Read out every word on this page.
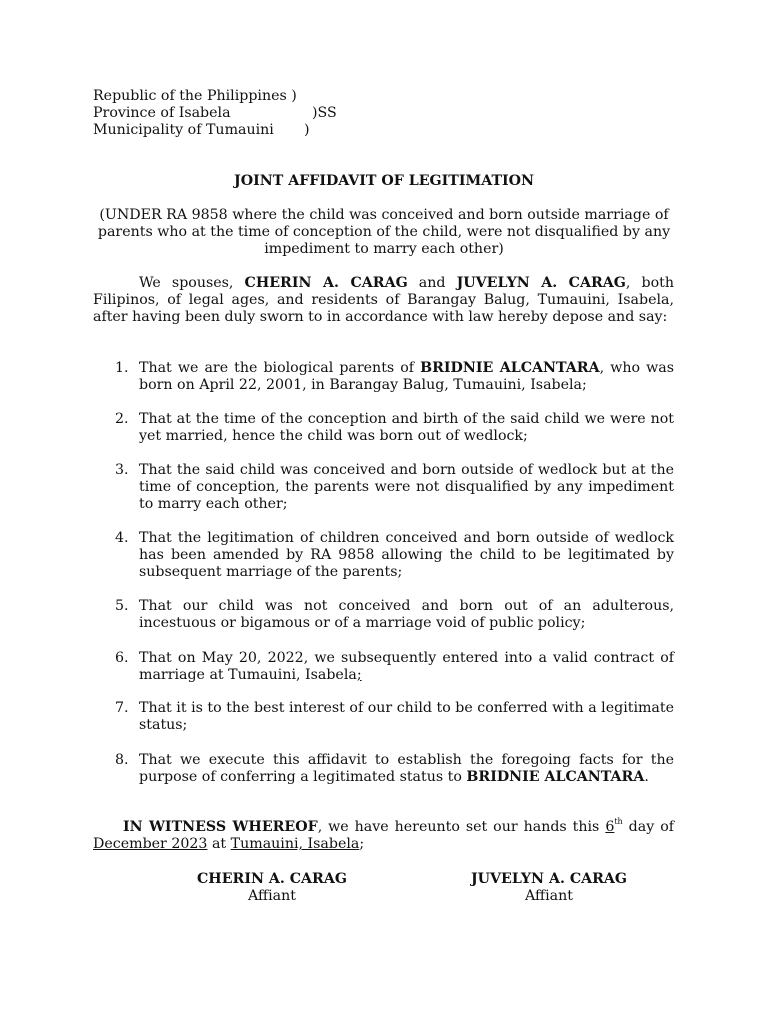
Republic of the Philippines )
Province of Isabela	)SS
Municipality of Tumauini )
JOINT AFFIDAVIT OF LEGITIMATION
(UNDER RA 9858 where the child was conceived and born outside marriage of parents who at the time of conception of the child, were not disqualified by any impediment to marry each other)
We spouses, CHERIN A. CARAG and JUVELYN A. CARAG, both Filipinos, of legal ages, and residents of Barangay Balug, Tumauini, Isabela, after having been duly sworn to in accordance with law hereby depose and say:
1. That we are the biological parents of BRIDNIE ALCANTARA, who was born on April 22, 2001, in Barangay Balug, Tumauini, Isabela;
2. That at the time of the conception and birth of the said child we were not yet married, hence the child was born out of wedlock;
3. That the said child was conceived and born outside of wedlock but at the time of conception, the parents were not disqualified by any impediment to marry each other;
4. That the legitimation of children conceived and born outside of wedlock has been amended by RA 9858 allowing the child to be legitimated by subsequent marriage of the parents;
5. That our child was not conceived and born out of an adulterous, incestuous or bigamous or of a marriage void of public policy;
6. That on May 20, 2022, we subsequently entered into a valid contract of marriage at Tumauini, Isabela;
7. That it is to the best interest of our child to be conferred with a legitimate status;
8. That we execute this affidavit to establish the foregoing facts for the purpose of conferring a legitimated status to BRIDNIE ALCANTARA.
IN WITNESS WHEREOF, we have hereunto set our hands this 6th day of December 2023 at Tumauini, Isabela;
CHERIN A. CARAG
Affiant
JUVELYN A. CARAG
Affiant
